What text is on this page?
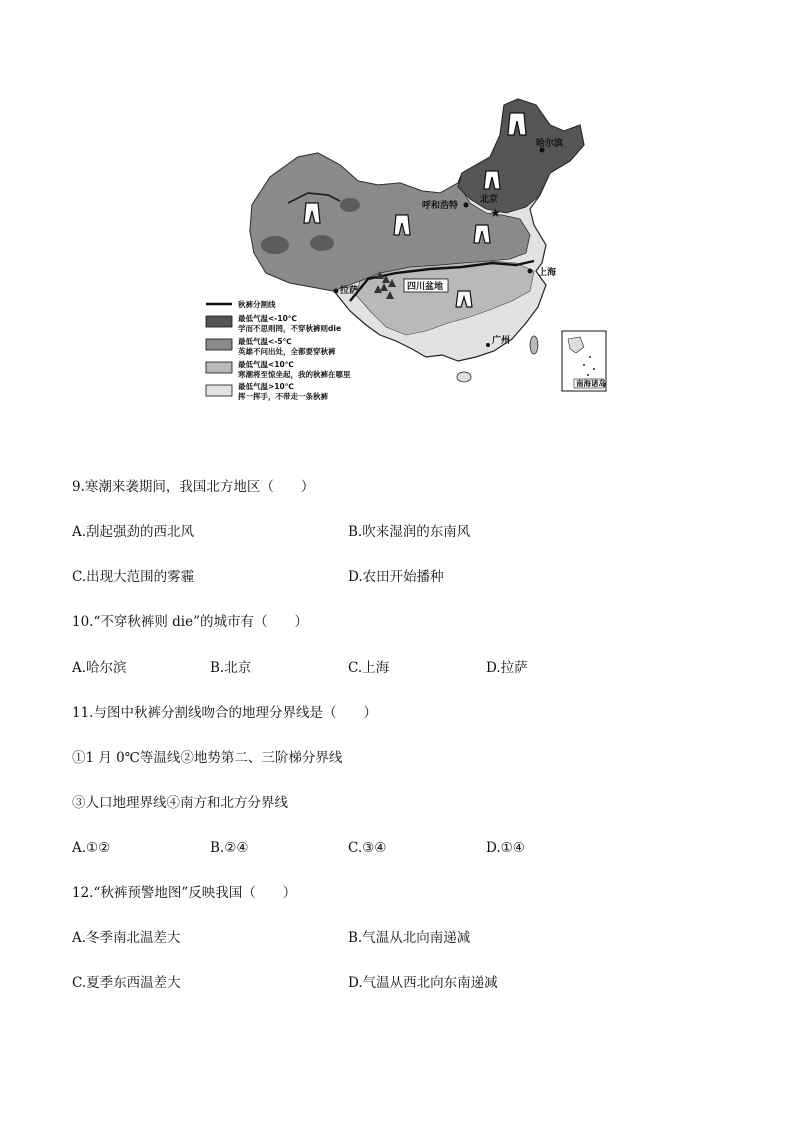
★
哈尔滨
呼和浩特
北京
上海
拉萨	四川盆地
广州
南海诸岛
秋裤分割线
最低气温<-10℃
学而不思则罔，不穿秋裤则die
最低气温<-5℃
英雄不问出处，全都要穿秋裤
最低气温<10℃
寒潮将至惊坐起，我的秋裤在哪里
最低气温>10℃
挥一挥手，不带走一条秋裤
9.寒潮来袭期间，我国北方地区（　　）
A.刮起强劲的西北风	B.吹来湿润的东南风
C.出现大范围的雾霾	D.农田开始播种
10.“不穿秋裤则 die”的城市有（　　）
A.哈尔滨	B.北京	C.上海	D.拉萨
11.与图中秋裤分割线吻合的地理分界线是（　　）
①1 月 0℃等温线②地势第二、三阶梯分界线
③人口地理界线④南方和北方分界线
A.①②	B.②④	C.③④	D.①④
12.“秋裤预警地图”反映我国（　　）
A.冬季南北温差大	B.气温从北向南递减
C.夏季东西温差大	D.气温从西北向东南递减
